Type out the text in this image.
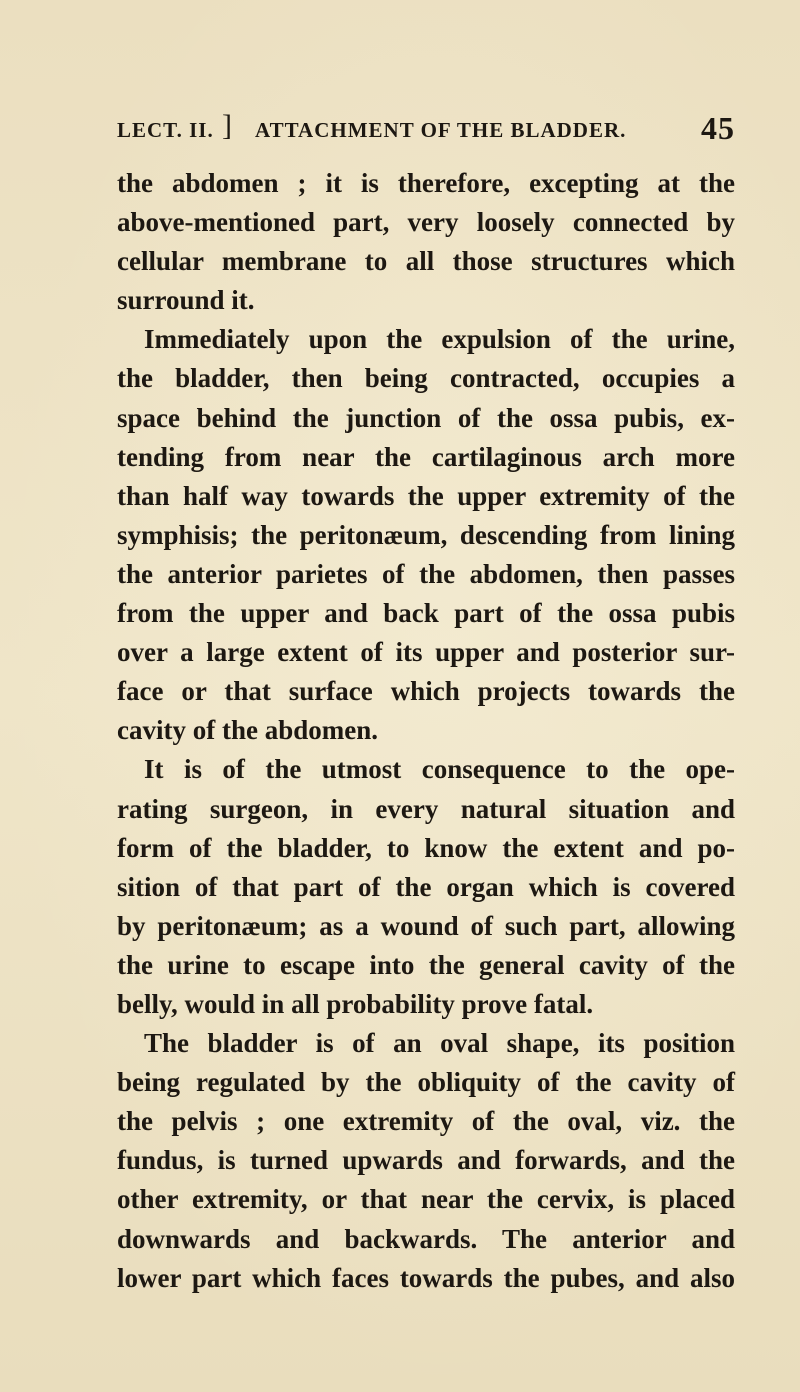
LECT. II. ] ATTACHMENT OF THE BLADDER. 45
the abdomen ; it is therefore, excepting at the
above-mentioned part, very loosely connected by
cellular membrane to all those structures which
surround it.
Immediately upon the expulsion of the urine,
the bladder, then being contracted, occupies a
space behind the junction of the ossa pubis, ex-
tending from near the cartilaginous arch more
than half way towards the upper extremity of the
symphisis; the peritonæum, descending from lining
the anterior parietes of the abdomen, then passes
from the upper and back part of the ossa pubis
over a large extent of its upper and posterior sur-
face or that surface which projects towards the
cavity of the abdomen.
It is of the utmost consequence to the ope-
rating surgeon, in every natural situation and
form of the bladder, to know the extent and po-
sition of that part of the organ which is covered
by peritonæum; as a wound of such part, allowing
the urine to escape into the general cavity of the
belly, would in all probability prove fatal.
The bladder is of an oval shape, its position
being regulated by the obliquity of the cavity of
the pelvis ; one extremity of the oval, viz. the
fundus, is turned upwards and forwards, and the
other extremity, or that near the cervix, is placed
downwards and backwards. The anterior and
lower part which faces towards the pubes, and also
